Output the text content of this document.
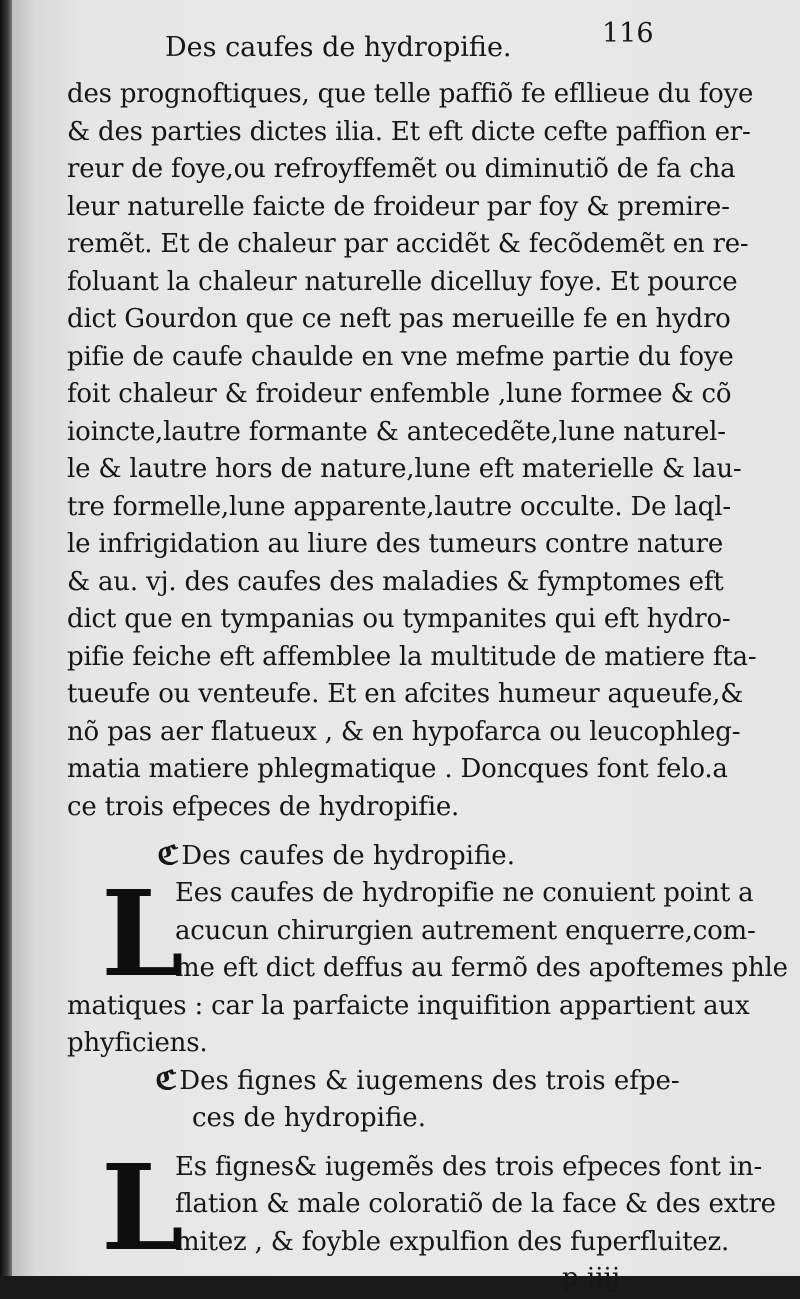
Des caufes de hydropifie.	116
des prognoftiques, que telle paffiõ fe efllieue du foye
& des parties dictes ilia. Et eft dicte cefte paffion er-
reur de foye,ou refroyffemẽt ou diminutiõ de fa cha
leur naturelle faicte de froideur par foy & premire-
remẽt. Et de chaleur par accidẽt & fecõdemẽt en re-
foluant la chaleur naturelle dicelluy foye. Et pource
dict Gourdon que ce neft pas merueille fe en hydro
pifie de caufe chaulde en vne mefme partie du foye
foit chaleur & froideur enfemble ,lune formee & cõ
ioincte,lautre formante & antecedẽte,lune naturel-
le & lautre hors de nature,lune eft materielle & lau-
tre formelle,lune apparente,lautre occulte. De laql-
le infrigidation au liure des tumeurs contre nature
& au. vj. des caufes des maladies & fymptomes eft
dict que en tympanias ou tympanites qui eft hydro-
pifie feiche eft affemblee la multitude de matiere fta-
tueufe ou venteufe. Et en afcites humeur aqueufe,&
nõ pas aer flatueux , & en hypofarca ou leucophleg-
matia matiere phlegmatique . Doncques font felo.a
ce trois efpeces de hydropifie.
ℭDes caufes de hydropifie.
L
Ees caufes de hydropifie ne conuient point a
acucun chirurgien autrement enquerre,com-
me eft dict deffus au fermõ des apoftemes phle
matiques : car la parfaicte inquifition appartient aux
phyficiens.
ℭDes fignes & iugemens des trois efpe-
ces de hydropifie.
L
Es fignes& iugemẽs des trois efpeces font in-
flation & male coloratiõ de la face & des extre
mitez , & foyble expulfion des fuperfluitez.
p iiij
